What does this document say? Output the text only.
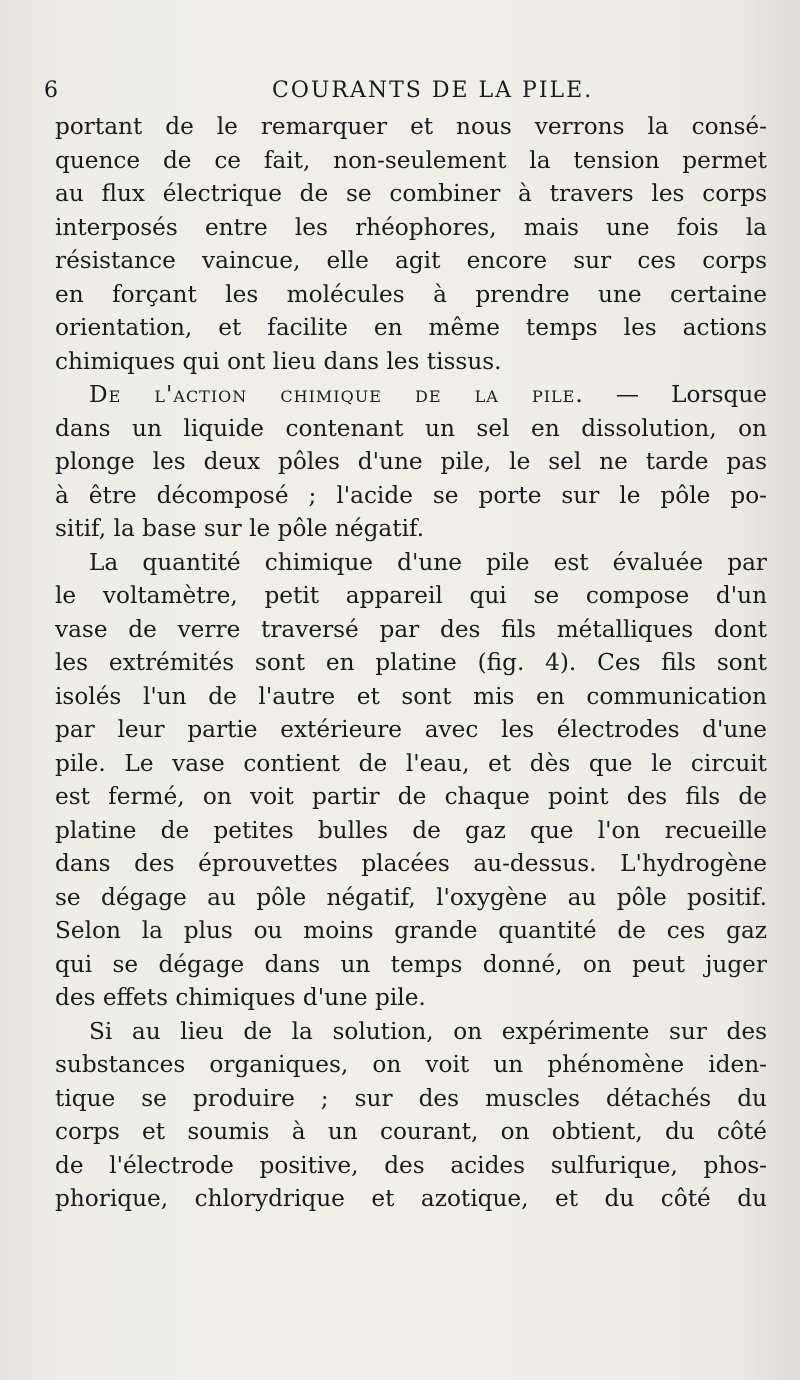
6	COURANTS DE LA PILE.
portant de le remarquer et nous verrons la consé-
quence de ce fait, non-seulement la tension permet
au flux électrique de se combiner à travers les corps
interposés entre les rhéophores, mais une fois la
résistance vaincue, elle agit encore sur ces corps
en forçant les molécules à prendre une certaine
orientation, et facilite en même temps les actions
chimiques qui ont lieu dans les tissus.
De l'action chimique de la pile. — Lorsque
dans un liquide contenant un sel en dissolution, on
plonge les deux pôles d'une pile, le sel ne tarde pas
à être décomposé ; l'acide se porte sur le pôle po-
sitif, la base sur le pôle négatif.
La quantité chimique d'une pile est évaluée par
le voltamètre, petit appareil qui se compose d'un
vase de verre traversé par des fils métalliques dont
les extrémités sont en platine (fig. 4). Ces fils sont
isolés l'un de l'autre et sont mis en communication
par leur partie extérieure avec les électrodes d'une
pile. Le vase contient de l'eau, et dès que le circuit
est fermé, on voit partir de chaque point des fils de
platine de petites bulles de gaz que l'on recueille
dans des éprouvettes placées au-dessus. L'hydrogène
se dégage au pôle négatif, l'oxygène au pôle positif.
Selon la plus ou moins grande quantité de ces gaz
qui se dégage dans un temps donné, on peut juger
des effets chimiques d'une pile.
Si au lieu de la solution, on expérimente sur des
substances organiques, on voit un phénomène iden-
tique se produire ; sur des muscles détachés du
corps et soumis à un courant, on obtient, du côté
de l'électrode positive, des acides sulfurique, phos-
phorique, chlorydrique et azotique, et du côté du
